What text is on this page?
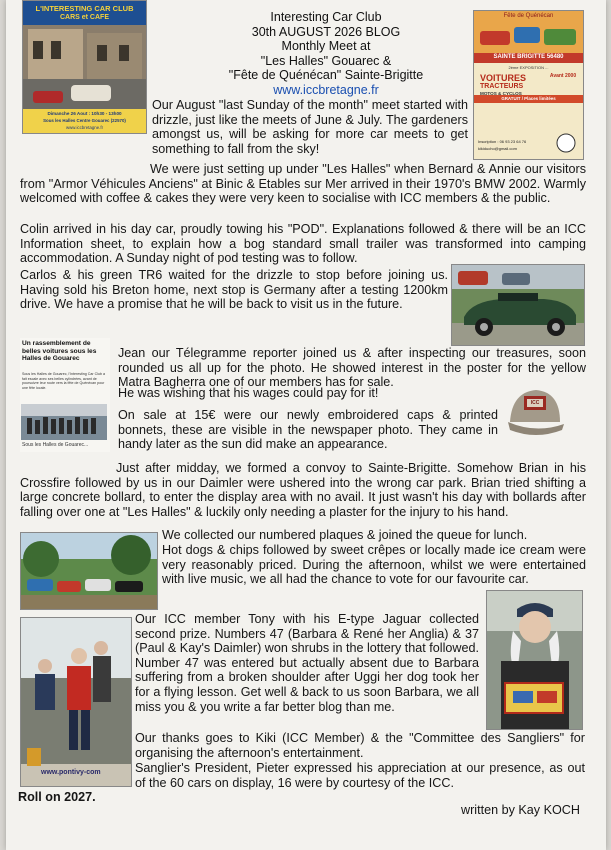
L'INTERESTING CAR CLUB
CARS et CAFE
Dimanche 26 Aout : 10h30 - 13h00
Sous les Halles Centre Gouarec (22570)
www.iccbretagne.fr
Interesting Car Club
30th AUGUST 2026 BLOG
Monthly Meet at
"Les Halles" Gouarec &
"Fête de Quénécan" Sainte-Brigitte
www.iccbretagne.fr
Fête de Quénécan
SAINTE BRIGITTE 56480
2ème EXPOSITION ...
VOITURES	Avant 2000
TRACTEURS
MOTOS & CYCLOS
GRATUIT / Places limitées
Inscription : 06 93 23 64 76
kikiducho@gmail.com

Our August "last Sunday of the month" meet started with drizzle, just like the meets of June & July. The gardeners amongst us, will be asking for more car meets to get something to fall from the sky!

We were just setting up under "Les Halles" when Bernard & Annie our visitors from "Armor Véhicules Anciens" at Binic & Etables sur Mer arrived in their 1970's BMW 2002. Warmly welcomed with coffee & cakes they were very keen to socialise with ICC members & the public.

Colin arrived in his day car, proudly towing his "POD". Explanations followed & there will be an ICC Information sheet, to explain how a bog standard small trailer was transformed into camping accommodation. A Sunday night of pod testing was to follow.

Carlos & his green TR6 waited for the drizzle to stop before joining us. Having sold his Breton home, next stop is Germany after a testing 1200km drive. We have a promise that he will be back to visit us in the future.

Un rassemblement de belles voitures sous les Halles de Gouarec
Sous les Halles de Gouarec, l'Interesting Car Club a fait escale avec ses belles cylindrées, avant de poursuivre leur route vers la fête de Quénécan pour une fête locale.
Sous les Halles de Gouarec...

Jean our Télegramme reporter joined us & after inspecting our treasures, soon rounded us all up for the photo. He showed interest in the poster for the yellow Matra Bagherra one of our members has for sale.

He was wishing that his wages could pay for it!

ICC

On sale at 15€ were our newly embroidered caps & printed bonnets, these are visible in the newspaper photo. They came in handy later as the sun did make an appearance.

Just after midday, we formed a convoy to Sainte-Brigitte. Somehow Brian in his Crossfire followed by us in our Daimler were ushered into the wrong car park. Brian tried shifting a large concrete bollard, to enter the display area with no avail. It just wasn't his day with bollards after falling over one at "Les Halles" & luckily only needing a plaster for the injury to his hand.

We collected our numbered plaques & joined the queue for lunch.

Hot dogs & chips followed by sweet crêpes or locally made ice cream were very reasonably priced. During the afternoon, whilst we were entertained with live music, we all had the chance to vote for our favourite car.

www.pontivy-com

Our ICC member Tony with his E-type Jaguar collected second prize. Numbers 47 (Barbara & René her Anglia) & 37 (Paul & Kay's Daimler) won shrubs in the lottery that followed. Number 47 was entered but actually absent due to Barbara suffering from a broken shoulder after Uggi her dog took her for a flying lesson. Get well & back to us soon Barbara, we all miss you & you write a far better blog than me.

Our thanks goes to Kiki (ICC Member) & the "Committee des Sangliers" for organising the afternoon's entertainment.

Sanglier's President, Pieter expressed his appreciation at our presence, as out of the 60 cars on display, 16 were by courtesy of the ICC.

Roll on 2027.

written by Kay KOCH
